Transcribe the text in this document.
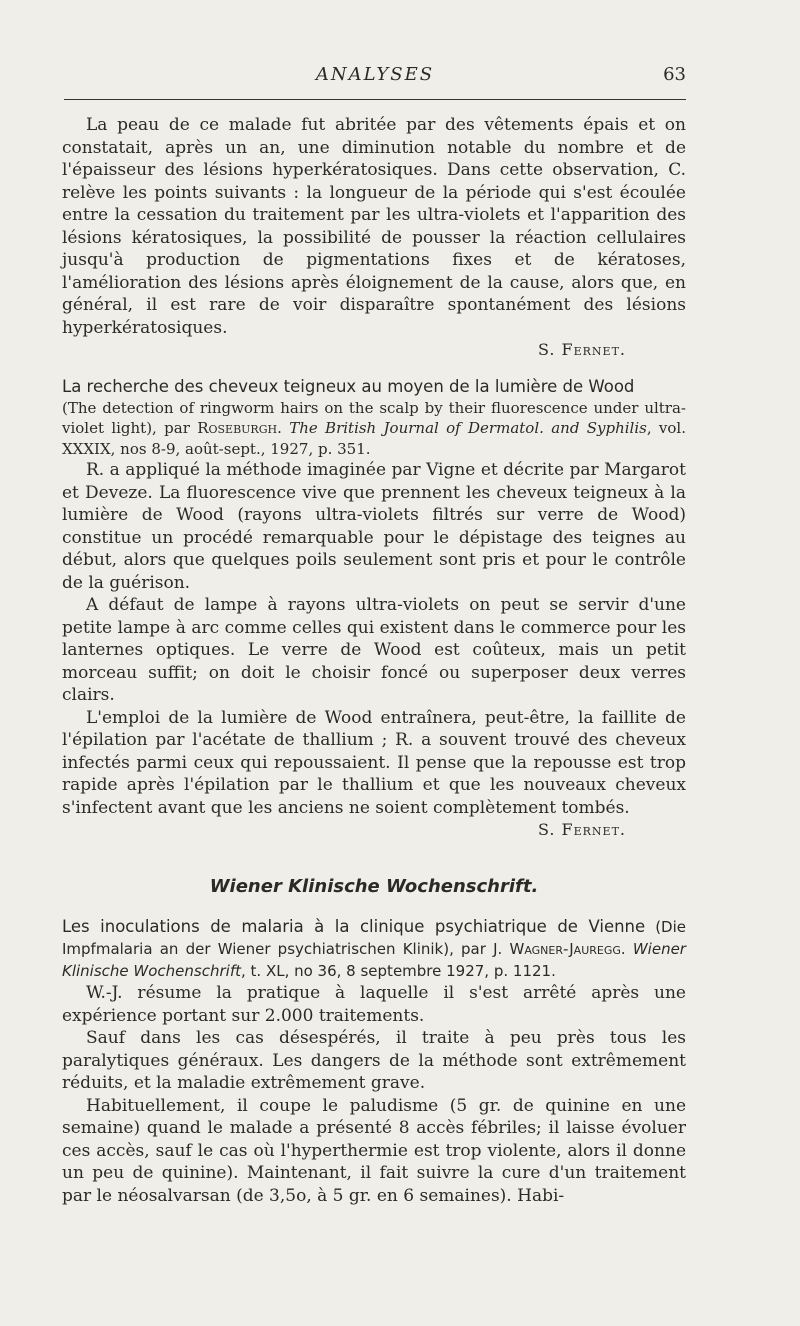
ANALYSES	63

La peau de ce malade fut abritée par des vêtements épais et on constatait, après un an, une diminution notable du nombre et de l'épaisseur des lésions hyperkératosiques. Dans cette observation, C. relève les points suivants : la longueur de la période qui s'est écoulée entre la cessation du traitement par les ultra-violets et l'apparition des lésions kératosiques, la possibilité de pousser la réaction cellulaires jusqu'à production de pigmentations fixes et de kératoses, l'amélioration des lésions après éloignement de la cause, alors que, en général, il est rare de voir disparaître spontanément des lésions hyperkératosiques.

S. Fernet.
La recherche des cheveux teigneux au moyen de la lumière de Wood
(The detection of ringworm hairs on the scalp by their fluorescence under ultra-violet light), par Roseburgh. The British Journal of Dermatol. and Syphilis, vol. XXXIX, nos 8-9, août-sept., 1927, p. 351.

R. a appliqué la méthode imaginée par Vigne et décrite par Margarot et Deveze. La fluorescence vive que prennent les cheveux teigneux à la lumière de Wood (rayons ultra-violets filtrés sur verre de Wood) constitue un procédé remarquable pour le dépistage des teignes au début, alors que quelques poils seulement sont pris et pour le contrôle de la guérison.

A défaut de lampe à rayons ultra-violets on peut se servir d'une petite lampe à arc comme celles qui existent dans le commerce pour les lanternes optiques. Le verre de Wood est coûteux, mais un petit morceau suffit; on doit le choisir foncé ou superposer deux verres clairs.

L'emploi de la lumière de Wood entraînera, peut-être, la faillite de l'épilation par l'acétate de thallium ; R. a souvent trouvé des cheveux infectés parmi ceux qui repoussaient. Il pense que la repousse est trop rapide après l'épilation par le thallium et que les nouveaux cheveux s'infectent avant que les anciens ne soient complètement tombés.

S. Fernet.
Wiener Klinische Wochenschrift.
Les inoculations de malaria à la clinique psychiatrique de Vienne (Die Impfmalaria an der Wiener psychiatrischen Klinik), par J. Wagner-Jauregg. Wiener Klinische Wochenschrift, t. XL, no 36, 8 septembre 1927, p. 1121.

W.-J. résume la pratique à laquelle il s'est arrêté après une expérience portant sur 2.000 traitements.

Sauf dans les cas désespérés, il traite à peu près tous les paralytiques généraux. Les dangers de la méthode sont extrêmement réduits, et la maladie extrêmement grave.

Habituellement, il coupe le paludisme (5 gr. de quinine en une semaine) quand le malade a présenté 8 accès fébriles; il laisse évoluer ces accès, sauf le cas où l'hyperthermie est trop violente, alors il donne un peu de quinine). Maintenant, il fait suivre la cure d'un traitement par le néosalvarsan (de 3,5o, à 5 gr. en 6 semaines). Habi-
